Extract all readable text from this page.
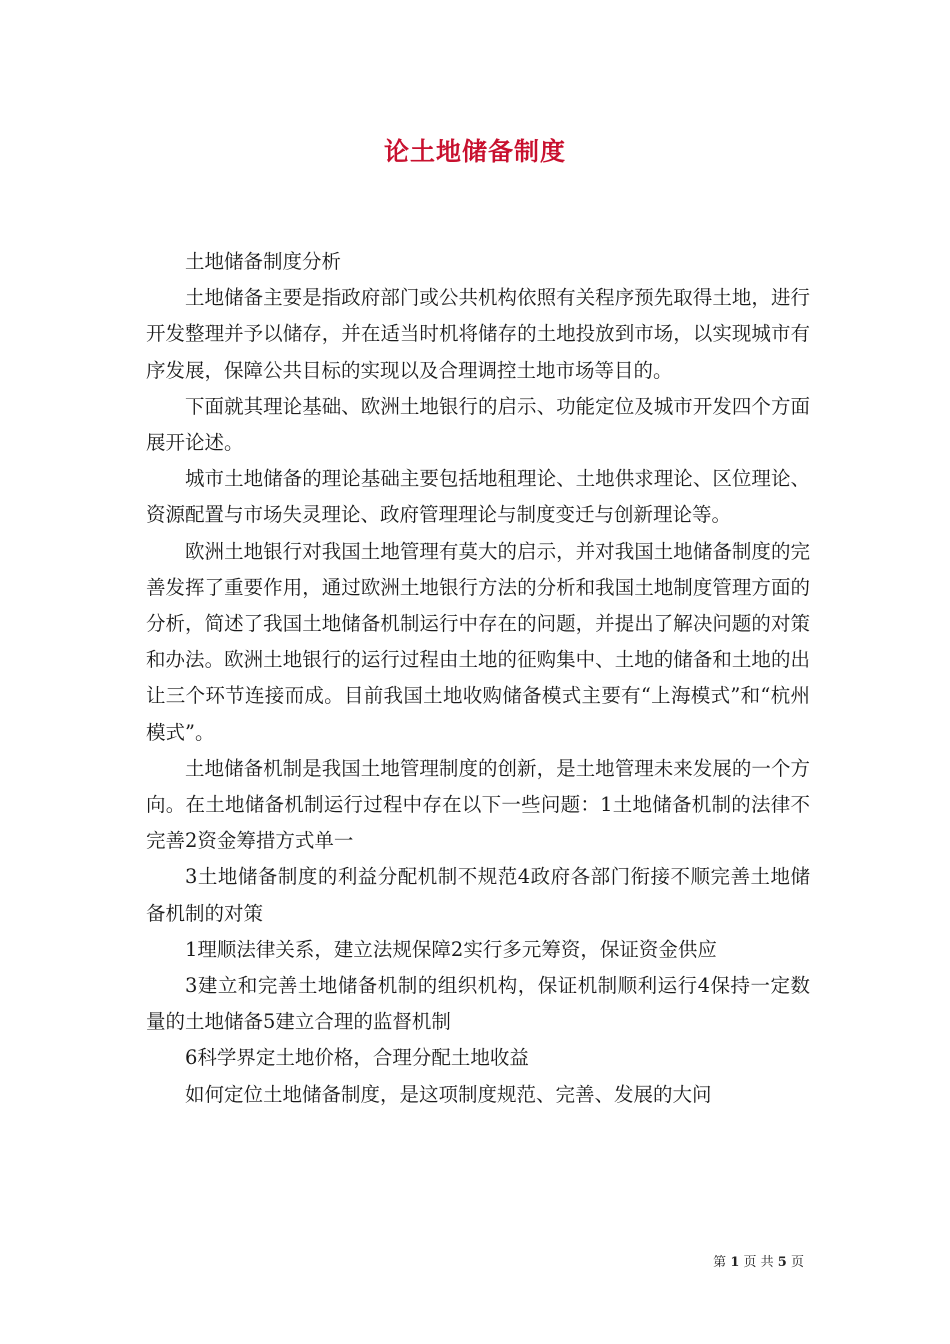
论土地储备制度

土地储备制度分析

土地储备主要是指政府部门或公共机构依照有关程序预先取得土地，进行开发整理并予以储存，并在适当时机将储存的土地投放到市场，以实现城市有序发展，保障公共目标的实现以及合理调控土地市场等目的。

下面就其理论基础、欧洲土地银行的启示、功能定位及城市开发四个方面展开论述。

城市土地储备的理论基础主要包括地租理论、土地供求理论、区位理论、资源配置与市场失灵理论、政府管理理论与制度变迁与创新理论等。

欧洲土地银行对我国土地管理有莫大的启示，并对我国土地储备制度的完善发挥了重要作用，通过欧洲土地银行方法的分析和我国土地制度管理方面的分析，简述了我国土地储备机制运行中存在的问题，并提出了解决问题的对策和办法。欧洲土地银行的运行过程由土地的征购集中、土地的储备和土地的出让三个环节连接而成。目前我国土地收购储备模式主要有“上海模式”和“杭州模式”。

土地储备机制是我国土地管理制度的创新，是土地管理未来发展的一个方向。在土地储备机制运行过程中存在以下一些问题：1土地储备机制的法律不完善2资金筹措方式单一

3土地储备制度的利益分配机制不规范4政府各部门衔接不顺完善土地储备机制的对策

1理顺法律关系，建立法规保障2实行多元筹资，保证资金供应

3建立和完善土地储备机制的组织机构，保证机制顺利运行4保持一定数量的土地储备5建立合理的监督机制

6科学界定土地价格，合理分配土地收益

如何定位土地储备制度，是这项制度规范、完善、发展的大问

第 1 页 共 5 页
